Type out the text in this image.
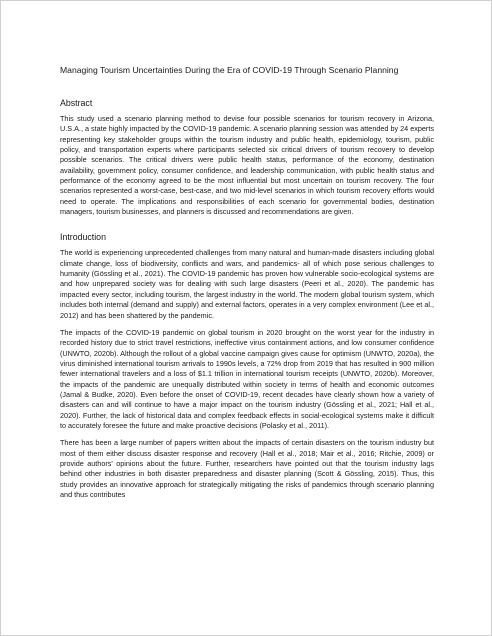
Managing Tourism Uncertainties During the Era of COVID-19 Through Scenario Planning
Abstract

This study used a scenario planning method to devise four possible scenarios for tourism recovery in Arizona, U.S.A., a state highly impacted by the COVID-19 pandemic. A scenario planning session was attended by 24 experts representing key stakeholder groups within the tourism industry and public health, epidemiology, tourism, public policy, and transportation experts where participants selected six critical drivers of tourism recovery to develop possible scenarios. The critical drivers were public health status, performance of the economy, destination availability, government policy, consumer confidence, and leadership communication, with public health status and performance of the economy agreed to be the most influential but most uncertain on tourism recovery. The four scenarios represented a worst-case, best-case, and two mid-level scenarios in which tourism recovery efforts would need to operate. The implications and responsibilities of each scenario for governmental bodies, destination managers, tourism businesses, and planners is discussed and recommendations are given.

Introduction

The world is experiencing unprecedented challenges from many natural and human-made disasters including global climate change, loss of biodiversity, conflicts and wars, and pandemics- all of which pose serious challenges to humanity (Gössling et al., 2021). The COVID-19 pandemic has proven how vulnerable socio-ecological systems are and how unprepared society was for dealing with such large disasters (Peeri et al., 2020). The pandemic has impacted every sector, including tourism, the largest industry in the world. The modern global tourism system, which includes both internal (demand and supply) and external factors, operates in a very complex environment (Lee et al., 2012) and has been shattered by the pandemic.

The impacts of the COVID-19 pandemic on global tourism in 2020 brought on the worst year for the industry in recorded history due to strict travel restrictions, ineffective virus containment actions, and low consumer confidence (UNWTO, 2020b). Although the rollout of a global vaccine campaign gives cause for optimism (UNWTO, 2020a), the virus diminished international tourism arrivals to 1990s levels, a 72% drop from 2019 that has resulted in 900 million fewer international travelers and a loss of $1.1 trillion in international tourism receipts (UNWTO, 2020b). Moreover, the impacts of the pandemic are unequally distributed within society in terms of health and economic outcomes (Jamal & Budke, 2020). Even before the onset of COVID-19, recent decades have clearly shown how a variety of disasters can and will continue to have a major impact on the tourism industry (Gössling et al., 2021; Hall et al., 2020). Further, the lack of historical data and complex feedback effects in social-ecological systems make it difficult to accurately foresee the future and make proactive decisions (Polasky et al., 2011).

There has been a large number of papers written about the impacts of certain disasters on the tourism industry but most of them either discuss disaster response and recovery (Hall et al., 2018; Mair et al., 2016; Ritchie, 2009) or provide authors' opinions about the future. Further, researchers have pointed out that the tourism industry lags behind other industries in both disaster preparedness and disaster planning (Scott & Gössling, 2015). Thus, this study provides an innovative approach for strategically mitigating the risks of pandemics through scenario planning and thus contributes
